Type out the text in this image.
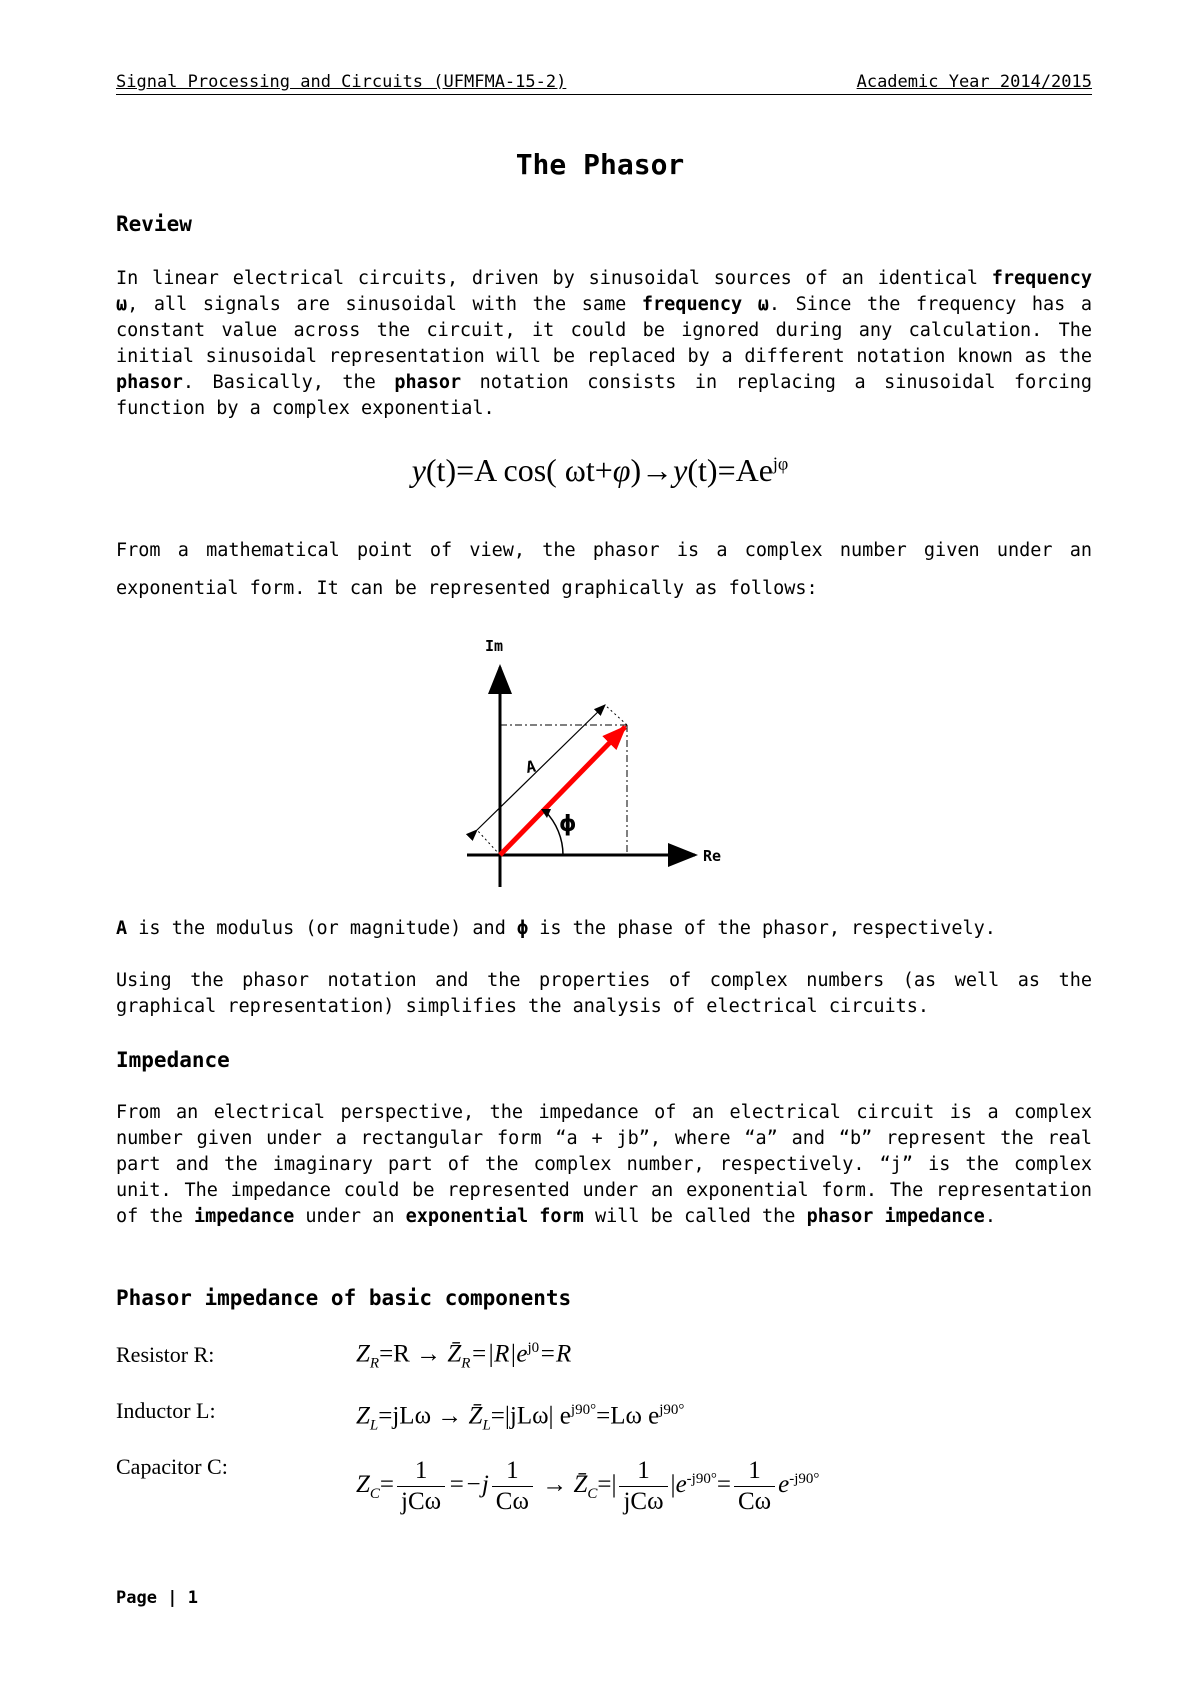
Signal Processing and Circuits (UFMFMA-15-2)	Academic Year 2014/2015
The Phasor
Review
In linear electrical circuits, driven by sinusoidal sources of an identical frequency ω, all signals are sinusoidal with the same frequency ω. Since the frequency has a constant value across the circuit, it could be ignored during any calculation. The initial sinusoidal representation will be replaced by a different notation known as the phasor. Basically, the phasor notation consists in replacing a sinusoidal forcing function by a complex exponential.
y(t)=A cos( $\omega t+\varphi)\to y(t)=Ae^{j\varphi}$
From a mathematical point of view, the phasor is a complex number given under an exponential form. It can be represented graphically as follows:
Im
Re
A
ϕ
A is the modulus (or magnitude) and ϕ is the phase of the phasor, respectively.
Using the phasor notation and the properties of complex numbers (as well as the graphical representation) simplifies the analysis of electrical circuits.
Impedance
From an electrical perspective, the impedance of an electrical circuit is a complex number given under a rectangular form “a + jb”, where “a” and “b” represent the real part and the imaginary part of the complex number, respectively. “j” is the complex unit. The impedance could be represented under an exponential form. The representation of the impedance under an exponential form will be called the phasor impedance.
Phasor impedance of basic components
Resistor R:	$Z_R=R$ → $Z̄_R=|R|e^{j0}=R$
Inductor L:	$Z_L=jL\omega$ → $Z̄_L=|jL\omega|$ $e^{j90^\circ}=L\omega$ $e^{j90^\circ}$
Capacitor C:
$Z_C= \frac{1}{\text{jCω}} =-j \frac{1}{C\omega}$ → $Z̄_C=| \frac{1}{\text{jCω}} |e^{-j90^\circ}= \frac{1}{C\omega} e^{-j90^\circ}$
Page | 1
